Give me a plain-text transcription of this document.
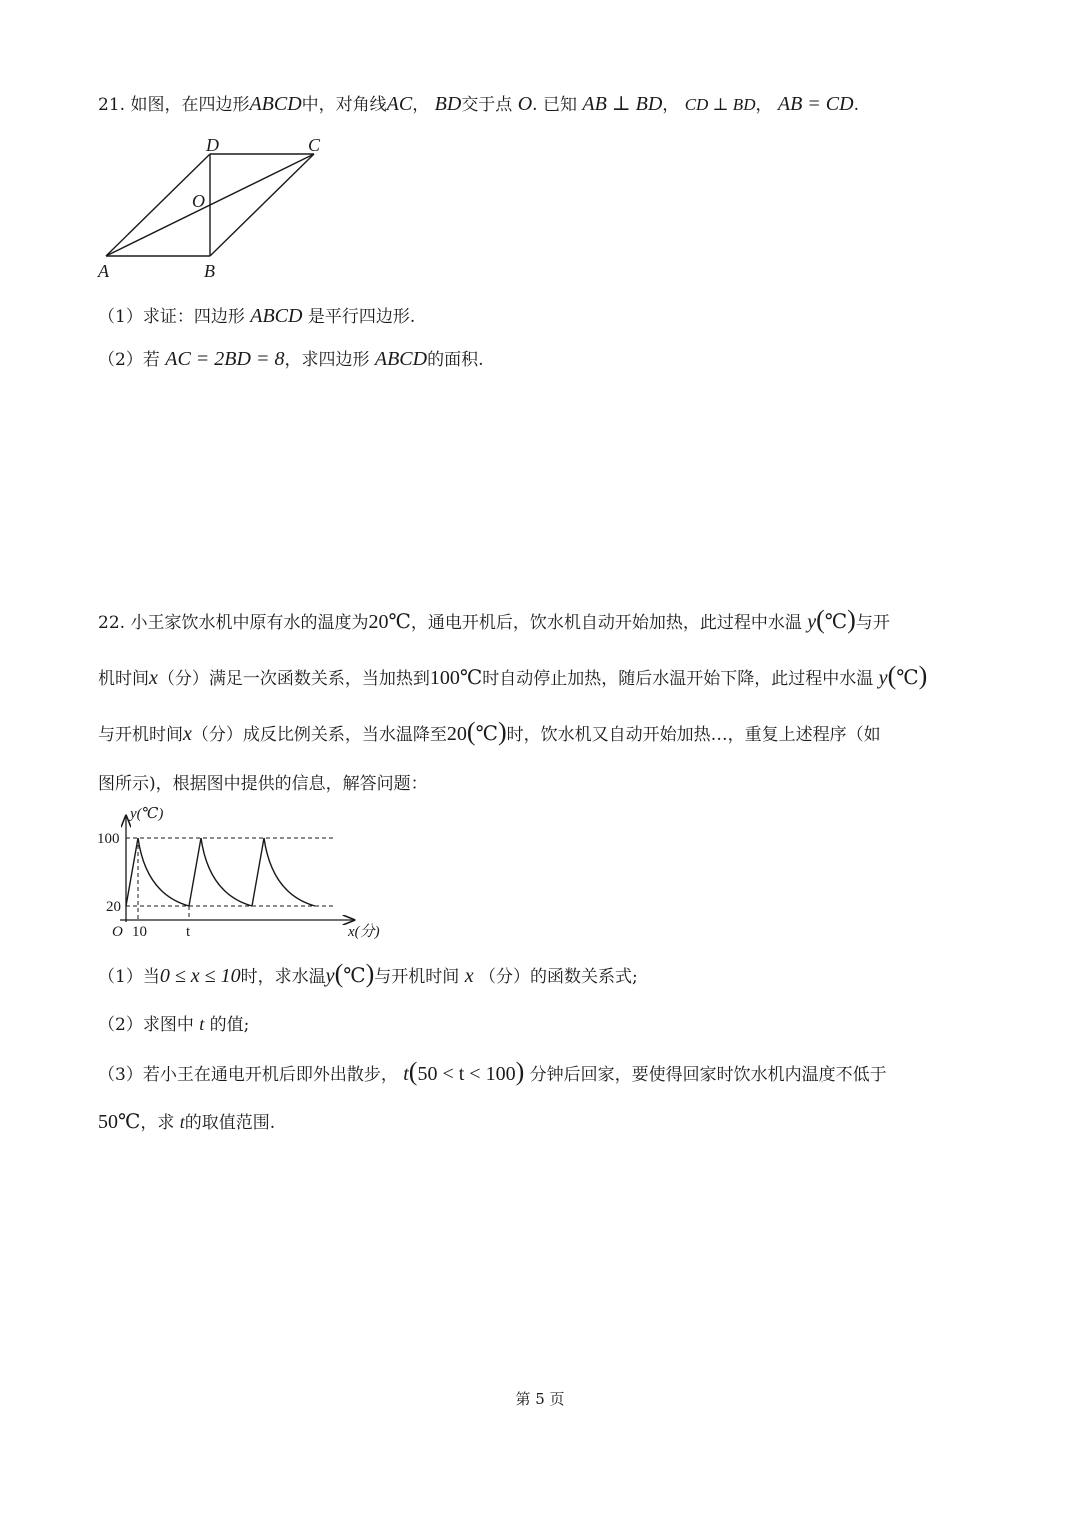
21. 如图，在四边形ABCD中，对角线AC， BD交于点 O. 已知 AB ⊥ BD， CD ⊥ BD， AB = CD.
D	C
O
A	B
（1）求证：四边形 ABCD 是平行四边形.
（2）若 AC = 2BD = 8，求四边形 ABCD的面积.
22. 小王家饮水机中原有水的温度为20℃，通电开机后，饮水机自动开始加热，此过程中水温 y(℃)与开
机时间x（分）满足一次函数关系，当加热到100℃时自动停止加热，随后水温开始下降，此过程中水温 y(℃)
与开机时间x（分）成反比例关系，当水温降至20(℃)时，饮水机又自动开始加热…，重复上述程序（如
图所示)，根据图中提供的信息，解答问题：
y(℃)
100
20
O 10	t	x(分)
（1）当0 ≤ x ≤ 10时，求水温y(℃)与开机时间 x （分）的函数关系式;
（2）求图中 t 的值;
（3）若小王在通电开机后即外出散步， t(50 < t < 100) 分钟后回家，要使得回家时饮水机内温度不低于
50℃，求 t的取值范围.
第 5 页
